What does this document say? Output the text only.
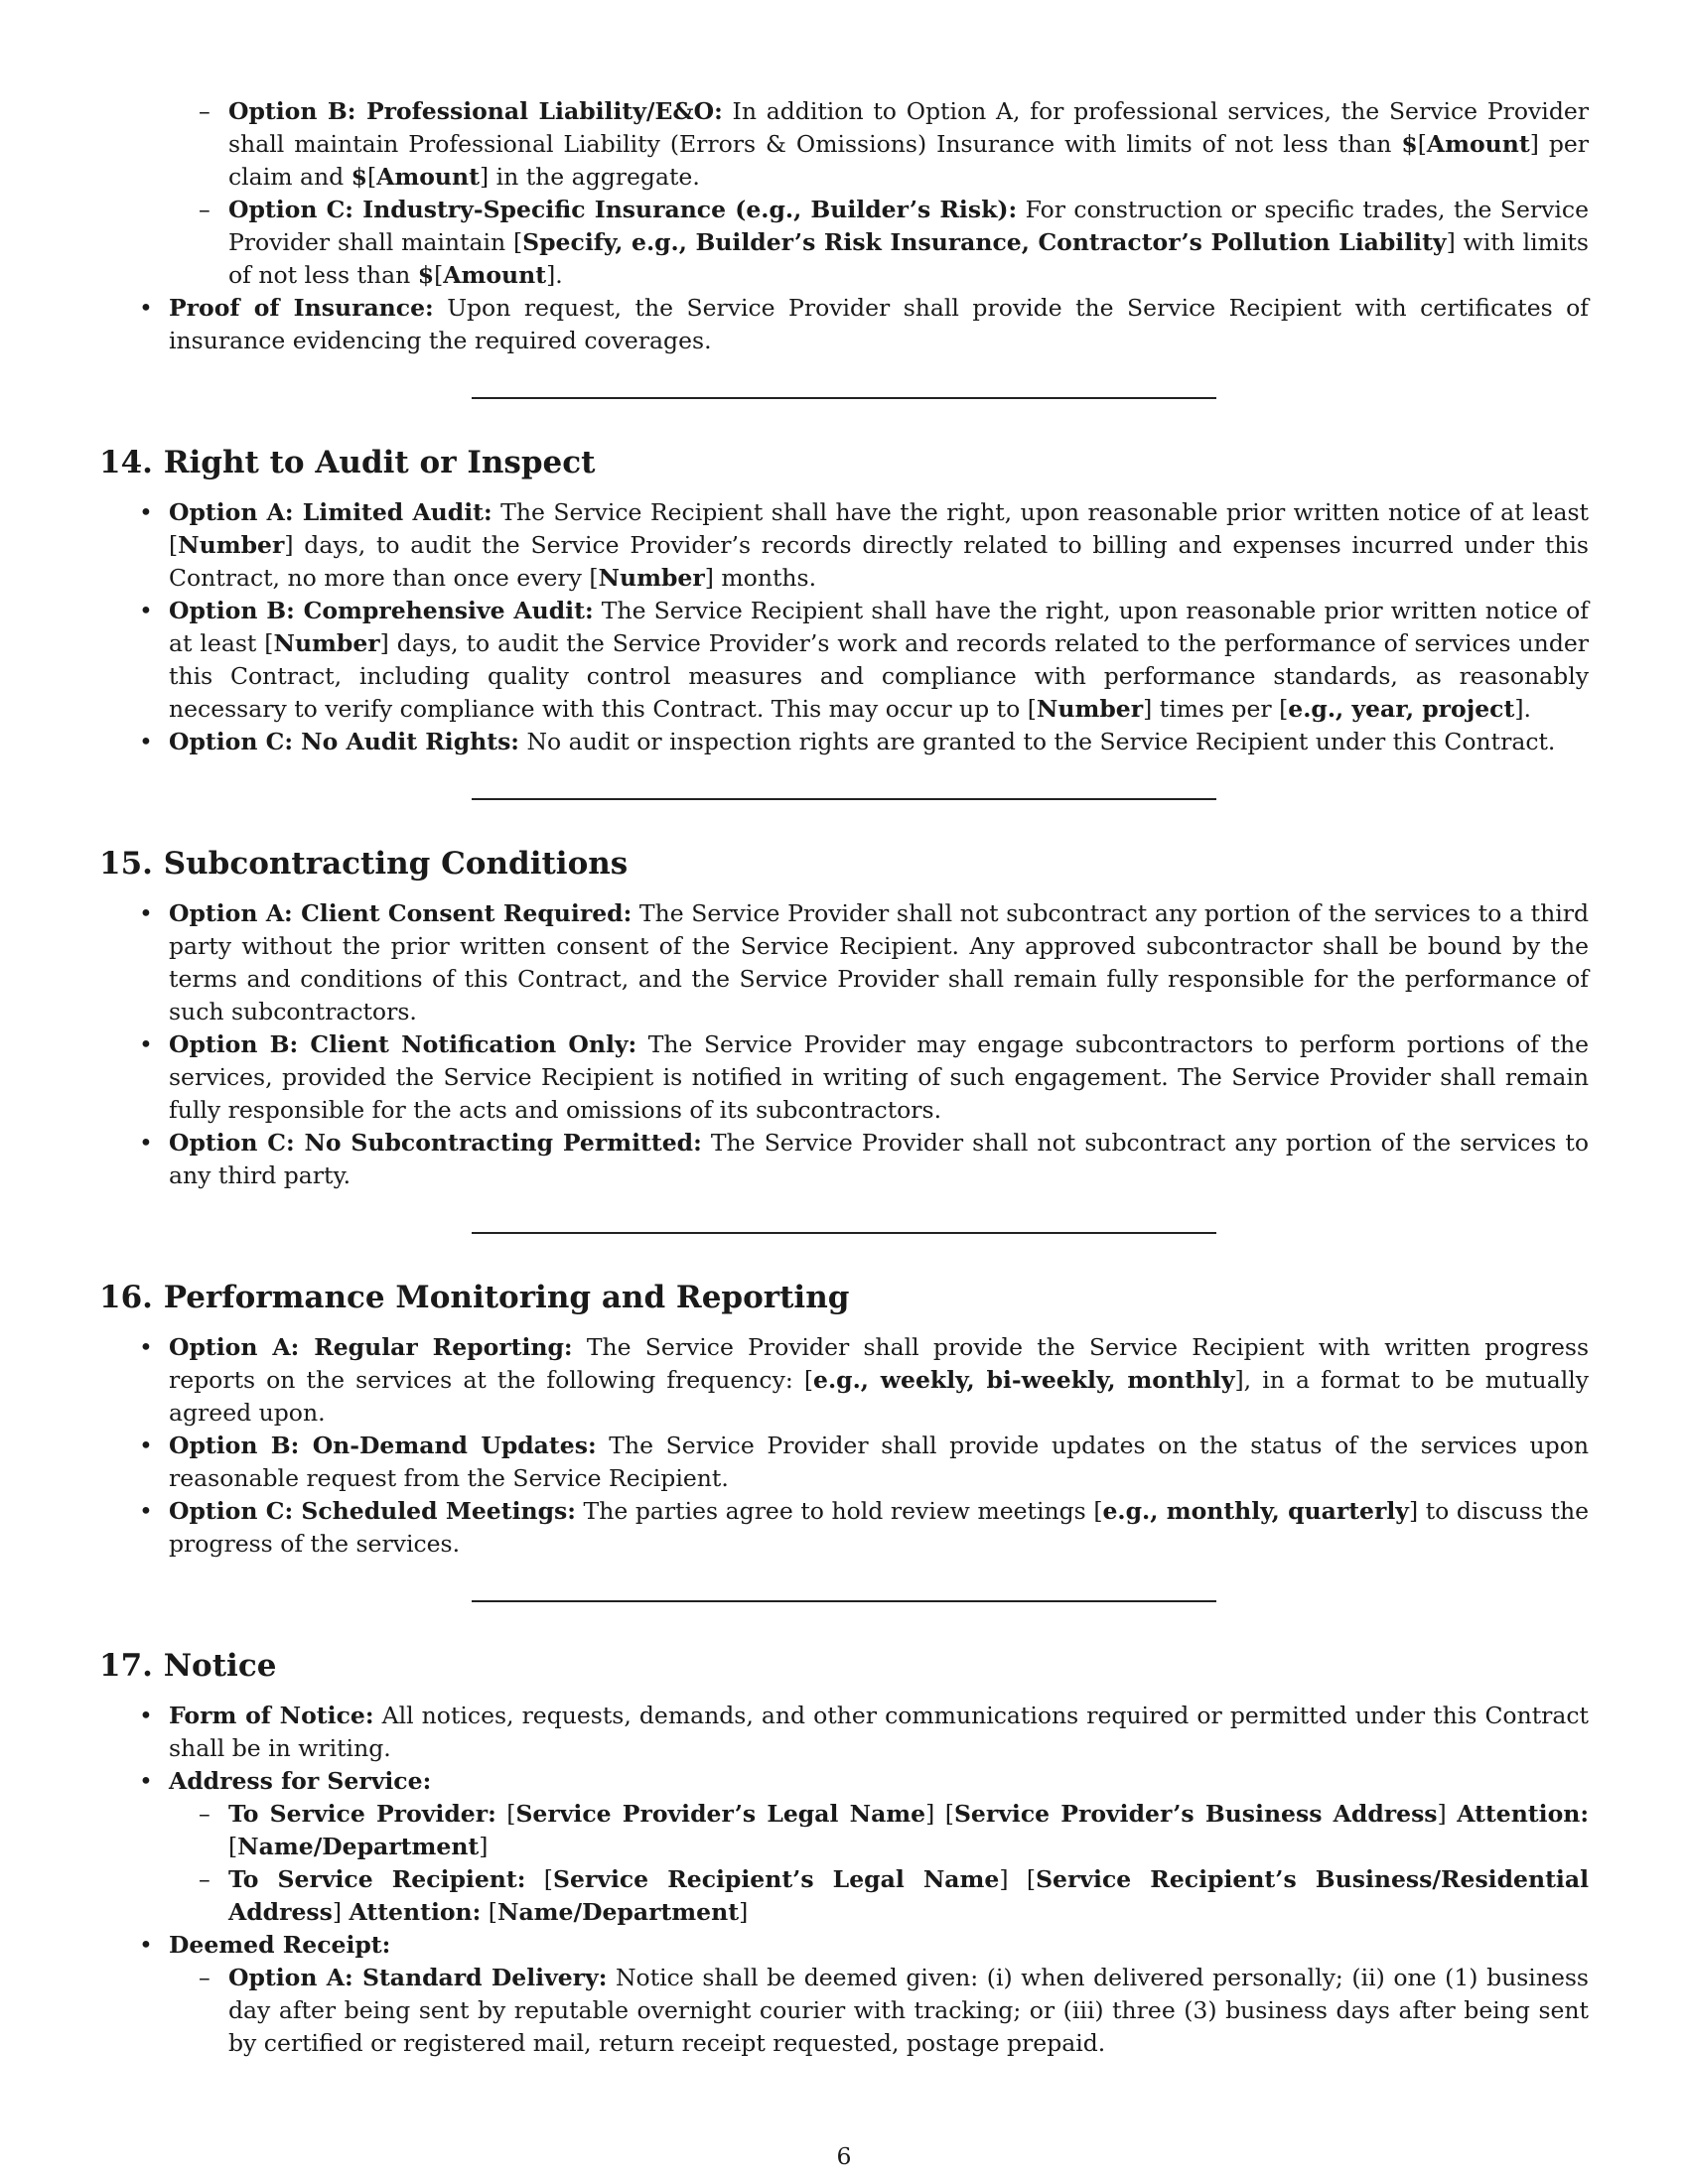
– Option B: Professional Liability/E&O: In addition to Option A, for professional services, the Service Provider shall maintain Professional Liability (Errors & Omissions) Insurance with limits of not less than $[Amount] per claim and $[Amount] in the aggregate.
– Option C: Industry-Specific Insurance (e.g., Builder’s Risk): For construction or specific trades, the Service Provider shall maintain [Specify, e.g., Builder’s Risk Insurance, Contractor’s Pollution Liability] with limits of not less than $[Amount].
• Proof of Insurance: Upon request, the Service Provider shall provide the Service Recipient with certificates of insurance evidencing the required coverages.
14. Right to Audit or Inspect
• Option A: Limited Audit: The Service Recipient shall have the right, upon reasonable prior written notice of at least [Number] days, to audit the Service Provider’s records directly related to billing and expenses incurred under this Contract, no more than once every [Number] months.
• Option B: Comprehensive Audit: The Service Recipient shall have the right, upon reasonable prior written notice of at least [Number] days, to audit the Service Provider’s work and records related to the performance of services under this Contract, including quality control measures and compliance with performance standards, as reasonably necessary to verify compliance with this Contract. This may occur up to [Number] times per [e.g., year, project].
• Option C: No Audit Rights: No audit or inspection rights are granted to the Service Recipient under this Contract.
15. Subcontracting Conditions
• Option A: Client Consent Required: The Service Provider shall not subcontract any portion of the services to a third party without the prior written consent of the Service Recipient. Any approved subcontractor shall be bound by the terms and conditions of this Contract, and the Service Provider shall remain fully responsible for the performance of such subcontractors.
• Option B: Client Notification Only: The Service Provider may engage subcontractors to perform portions of the services, provided the Service Recipient is notified in writing of such engagement. The Service Provider shall remain fully responsible for the acts and omissions of its subcontractors.
• Option C: No Subcontracting Permitted: The Service Provider shall not subcontract any portion of the services to any third party.
16. Performance Monitoring and Reporting
• Option A: Regular Reporting: The Service Provider shall provide the Service Recipient with written progress reports on the services at the following frequency: [e.g., weekly, bi-weekly, monthly], in a format to be mutually agreed upon.
• Option B: On-Demand Updates: The Service Provider shall provide updates on the status of the services upon reasonable request from the Service Recipient.
• Option C: Scheduled Meetings: The parties agree to hold review meetings [e.g., monthly, quarterly] to discuss the progress of the services.
17. Notice
• Form of Notice: All notices, requests, demands, and other communications required or permitted under this Contract shall be in writing.
• Address for Service:
– To Service Provider: [Service Provider’s Legal Name] [Service Provider’s Business Address] Attention: [Name/Department]
– To Service Recipient: [Service Recipient’s Legal Name] [Service Recipient’s Business/Residential Address] Attention: [Name/Department]
• Deemed Receipt:
– Option A: Standard Delivery: Notice shall be deemed given: (i) when delivered personally; (ii) one (1) business day after being sent by reputable overnight courier with tracking; or (iii) three (3) business days after being sent by certified or registered mail, return receipt requested, postage prepaid.
6
